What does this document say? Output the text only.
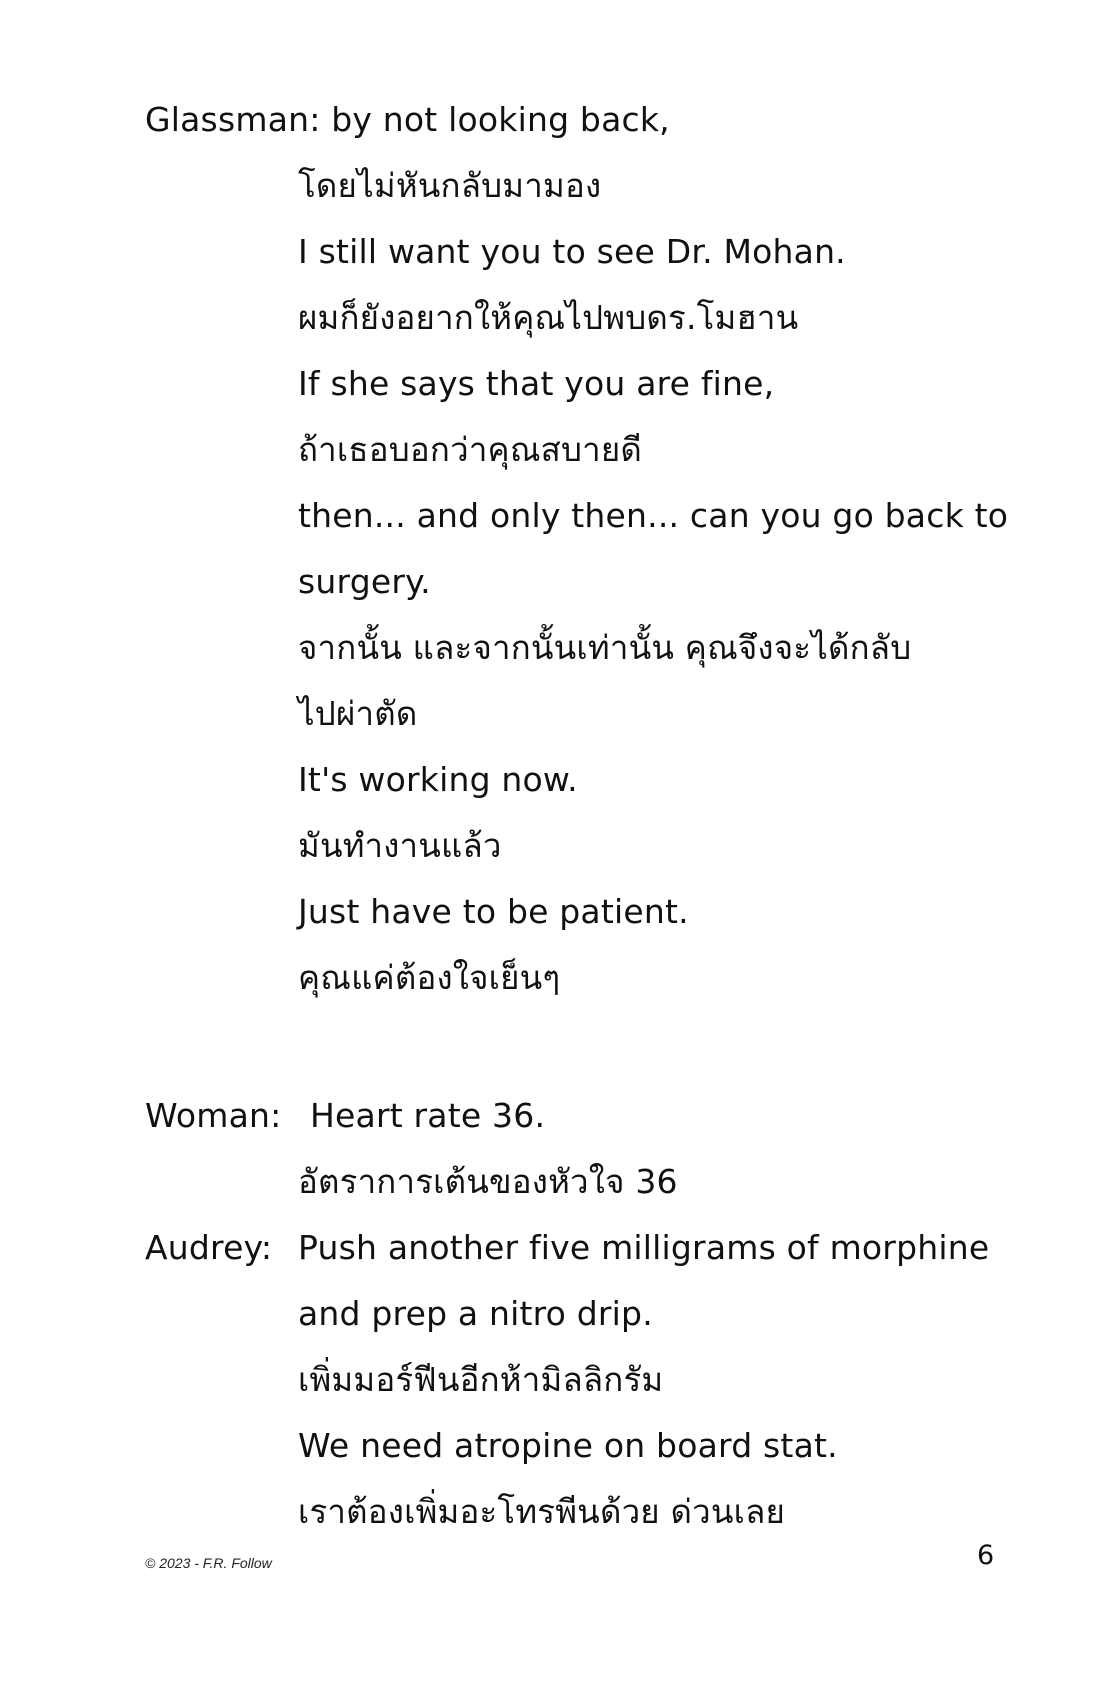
Glassman: by not looking back,
โดยไม่หันกลับมามอง
I still want you to see Dr. Mohan.
ผมก็ยังอยากให้คุณไปพบดร.โมฮาน
If she says that you are fine,
ถ้าเธอบอกว่าคุณสบายดี
then... and only then... can you go back to
surgery.
จากนั้น และจากนั้นเท่านั้น คุณจึงจะได้กลับ
ไปผ่าตัด
It's working now.
มันทำงานแล้ว
Just have to be patient.
คุณแค่ต้องใจเย็นๆ
Woman: Heart rate 36.
อัตราการเต้นของหัวใจ 36
Audrey: Push another five milligrams of morphine
and prep a nitro drip.
เพิ่มมอร์ฟีนอีกห้ามิลลิกรัม
We need atropine on board stat.
เราต้องเพิ่มอะโทรพีนด้วย ด่วนเลย
© 2023 - F.R. Follow	6
